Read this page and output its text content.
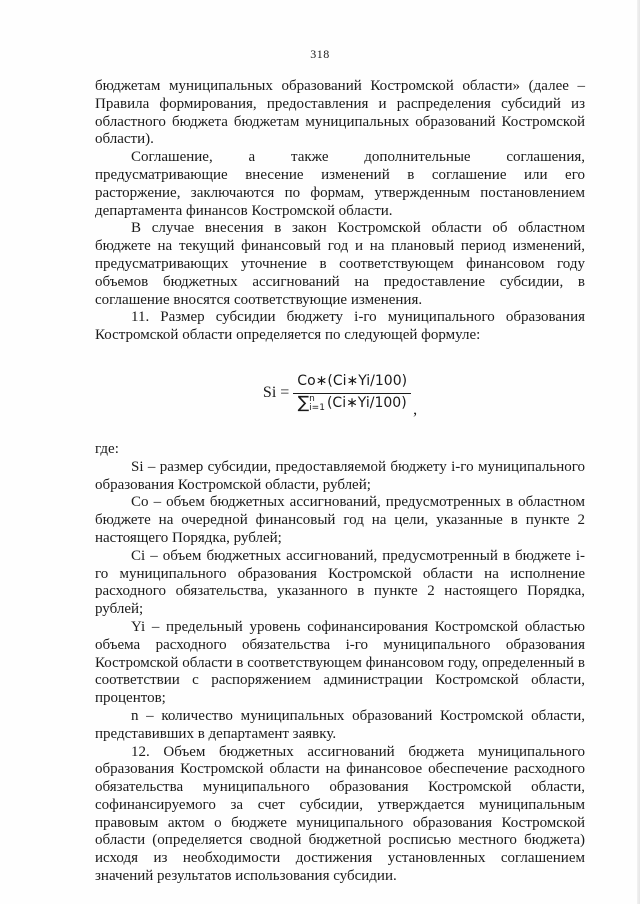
318

бюджетам муниципальных образований Костромской области» (далее – Правила формирования, предоставления и распределения субсидий из областного бюджета бюджетам муниципальных образований Костромской области).

Соглашение, а также дополнительные соглашения, предусматривающие внесение изменений в соглашение или его расторжение, заключаются по формам, утвержденным постановлением департамента финансов Костромской области.

В случае внесения в закон Костромской области об областном бюджете на текущий финансовый год и на плановый период изменений, предусматривающих уточнение в соответствующем финансовом году объемов бюджетных ассигнований на предоставление субсидии, в соглашение вносятся соответствующие изменения.

11. Размер субсидии бюджету i-го муниципального образования Костромской области определяется по следующей формуле:

Si =
Co∗(Ci∗Yi/100)
∑ n
i=1 (Ci∗Yi/100) ,

где:

Si – размер субсидии, предоставляемой бюджету i-го муниципального образования Костромской области, рублей;

Co – объем бюджетных ассигнований, предусмотренных в областном бюджете на очередной финансовый год на цели, указанные в пункте 2 настоящего Порядка, рублей;

Ci – объем бюджетных ассигнований, предусмотренный в бюджете i-го муниципального образования Костромской области на исполнение расходного обязательства, указанного в пункте 2 настоящего Порядка, рублей;

Yi – предельный уровень софинансирования Костромской областью объема расходного обязательства i-го муниципального образования Костромской области в соответствующем финансовом году, определенный в соответствии с распоряжением администрации Костромской области, процентов;

n – количество муниципальных образований Костромской области, представивших в департамент заявку.

12. Объем бюджетных ассигнований бюджета муниципального образования Костромской области на финансовое обеспечение расходного обязательства муниципального образования Костромской области, софинансируемого за счет субсидии, утверждается муниципальным правовым актом о бюджете муниципального образования Костромской области (определяется сводной бюджетной росписью местного бюджета) исходя из необходимости достижения установленных соглашением значений результатов использования субсидии.
